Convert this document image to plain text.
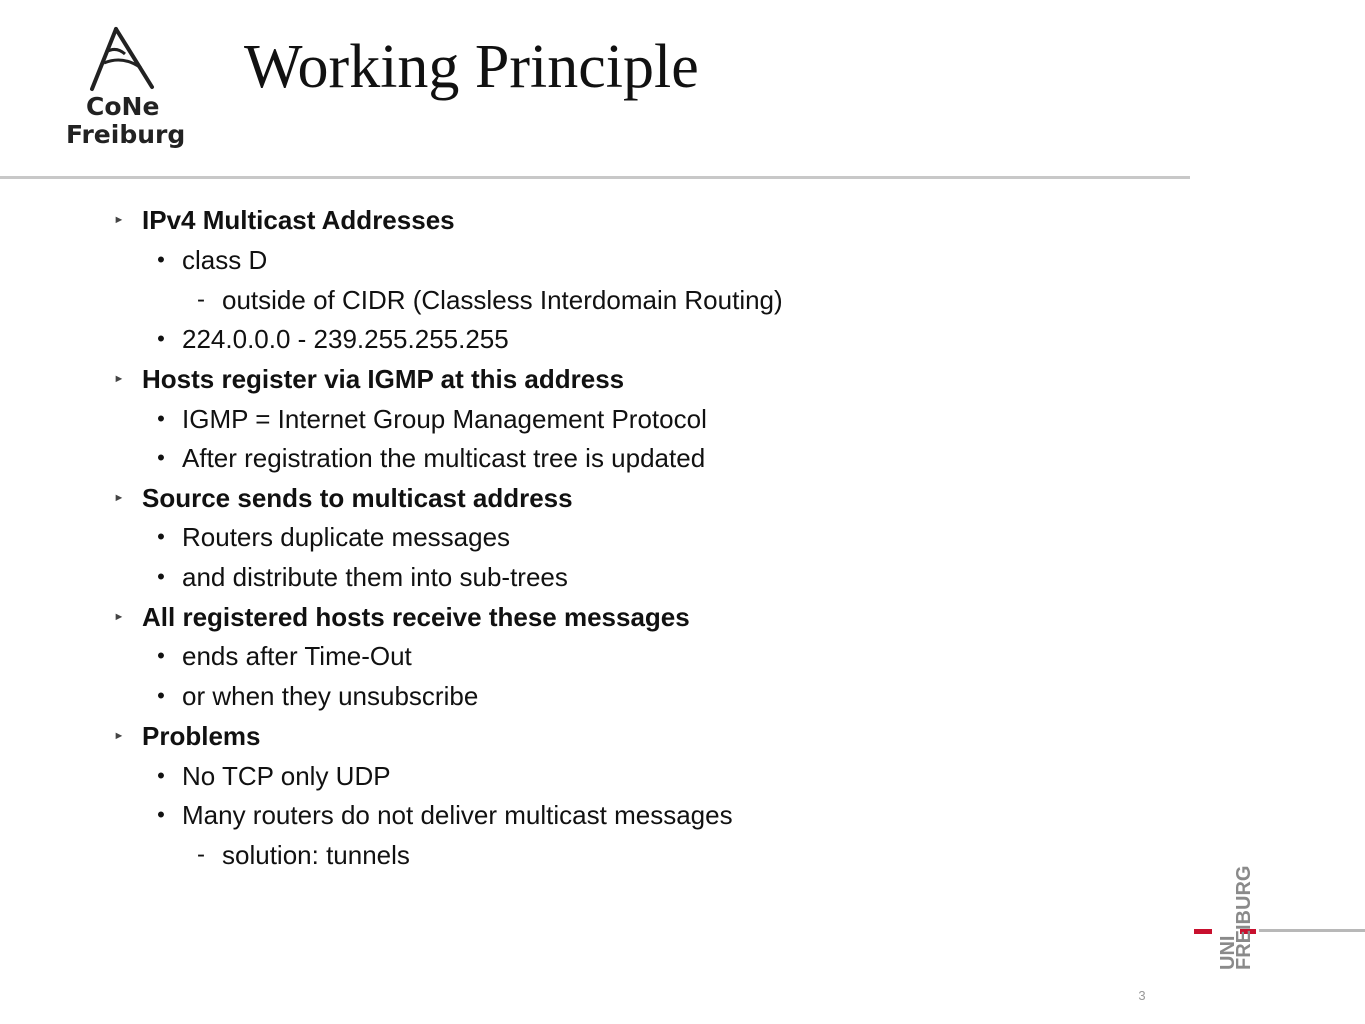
CoNe
Freiburg
Working Principle
► IPv4 Multicast Addresses
• class D
- outside of CIDR (Classless Interdomain Routing)
• 224.0.0.0 - 239.255.255.255
► Hosts register via IGMP at this address
• IGMP = Internet Group Management Protocol
• After registration the multicast tree is updated
► Source sends to multicast address
• Routers duplicate messages
• and distribute them into sub-trees
► All registered hosts receive these messages
• ends after Time-Out
• or when they unsubscribe
► Problems
• No TCP only UDP
• Many routers do not deliver multicast messages
- solution: tunnels
UNI
FREIBURG
3
